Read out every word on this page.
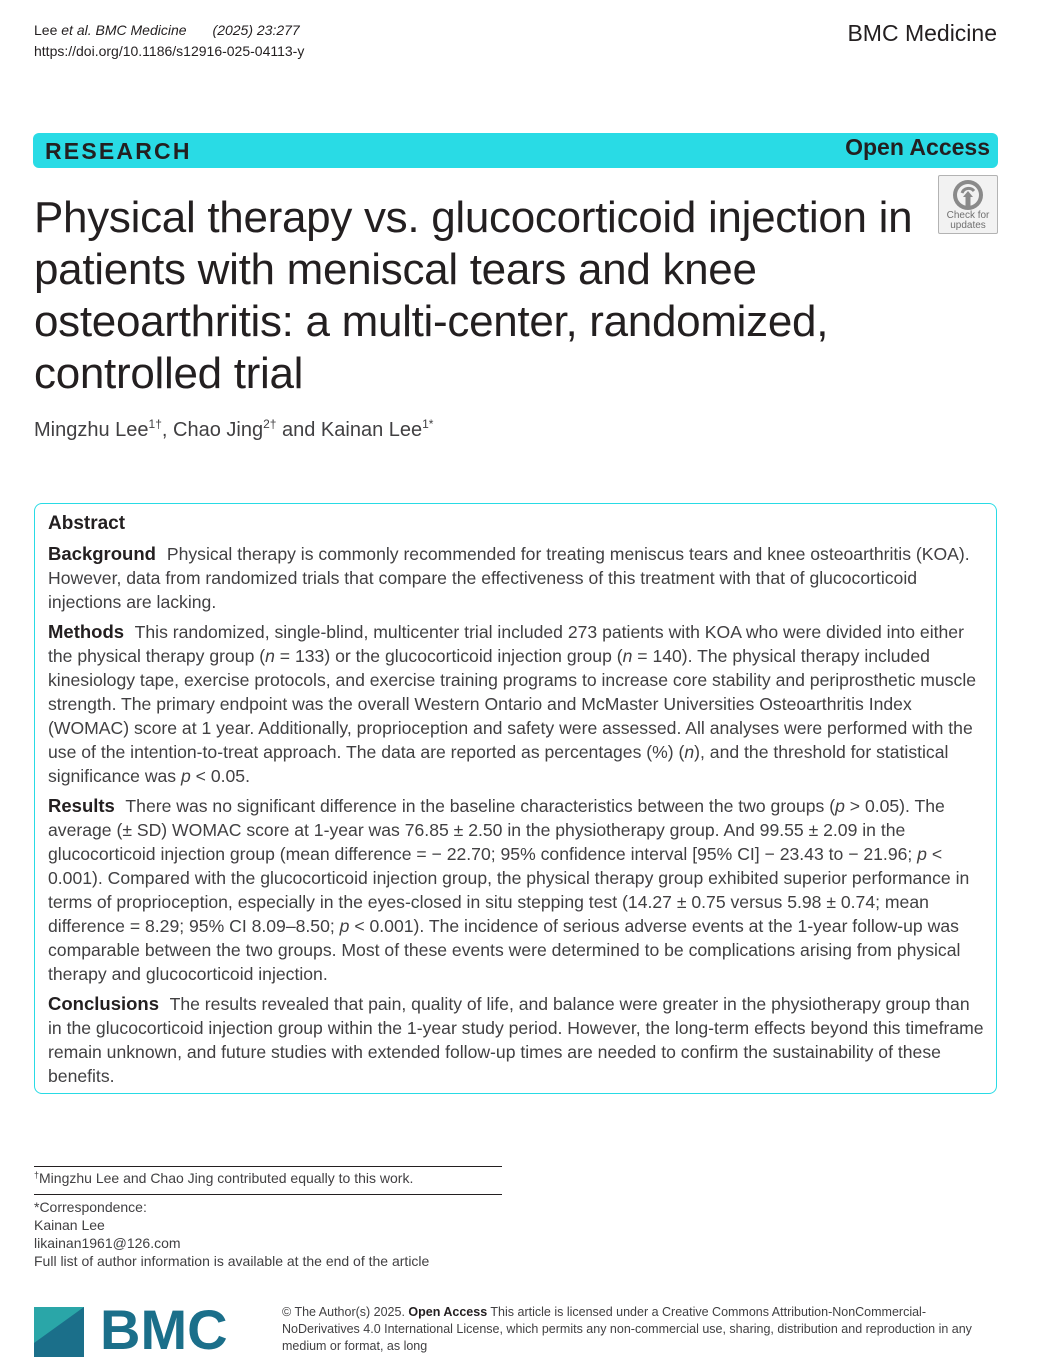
Lee et al. BMC Medicine (2025) 23:277
https://doi.org/10.1186/s12916-025-04113-y
BMC Medicine
RESEARCH	Open Access
Physical therapy vs. glucocorticoid injection in patients with meniscal tears and knee osteoarthritis: a multi-center, randomized, controlled trial
Check for
updates
Mingzhu Lee$^{1\dagger}$, Chao Jing$^{2\dagger}$ and Kainan Lee$^{1*}$
Abstract

Background Physical therapy is commonly recommended for treating meniscus tears and knee osteoarthritis (KOA). However, data from randomized trials that compare the effectiveness of this treatment with that of glucocorticoid injections are lacking.

Methods This randomized, single-blind, multicenter trial included 273 patients with KOA who were divided into either the physical therapy group (n = 133) or the glucocorticoid injection group (n = 140). The physical therapy included kinesiology tape, exercise protocols, and exercise training programs to increase core stability and periprosthetic muscle strength. The primary endpoint was the overall Western Ontario and McMaster Universities Osteoarthritis Index (WOMAC) score at 1 year. Additionally, proprioception and safety were assessed. All analyses were performed with the use of the intention-to-treat approach. The data are reported as percentages (%) (n), and the threshold for statistical significance was p < 0.05.

Results There was no significant difference in the baseline characteristics between the two groups (p > 0.05). The average (± SD) WOMAC score at 1-year was 76.85 ± 2.50 in the physiotherapy group. And 99.55 ± 2.09 in the glucocorticoid injection group (mean difference = − 22.70; 95% confidence interval [95% CI] − 23.43 to − 21.96; p < 0.001). Compared with the glucocorticoid injection group, the physical therapy group exhibited superior performance in terms of proprioception, especially in the eyes-closed in situ stepping test (14.27 ± 0.75 versus 5.98 ± 0.74; mean difference = 8.29; 95% CI 8.09–8.50; p < 0.001). The incidence of serious adverse events at the 1-year follow-up was comparable between the two groups. Most of these events were determined to be complications arising from physical therapy and glucocorticoid injection.

Conclusions The results revealed that pain, quality of life, and balance were greater in the physiotherapy group than in the glucocorticoid injection group within the 1-year study period. However, the long-term effects beyond this timeframe remain unknown, and future studies with extended follow-up times are needed to confirm the sustainability of these benefits.

†Mingzhu Lee and Chao Jing contributed equally to this work.
*Correspondence:
Kainan Lee
likainan1961@126.com
Full list of author information is available at the end of the article
BMC	© The Author(s) 2025. Open Access This article is licensed under a Creative Commons Attribution-NonCommercial-NoDerivatives 4.0 International License, which permits any non-commercial use, sharing, distribution and reproduction in any medium or format, as long
